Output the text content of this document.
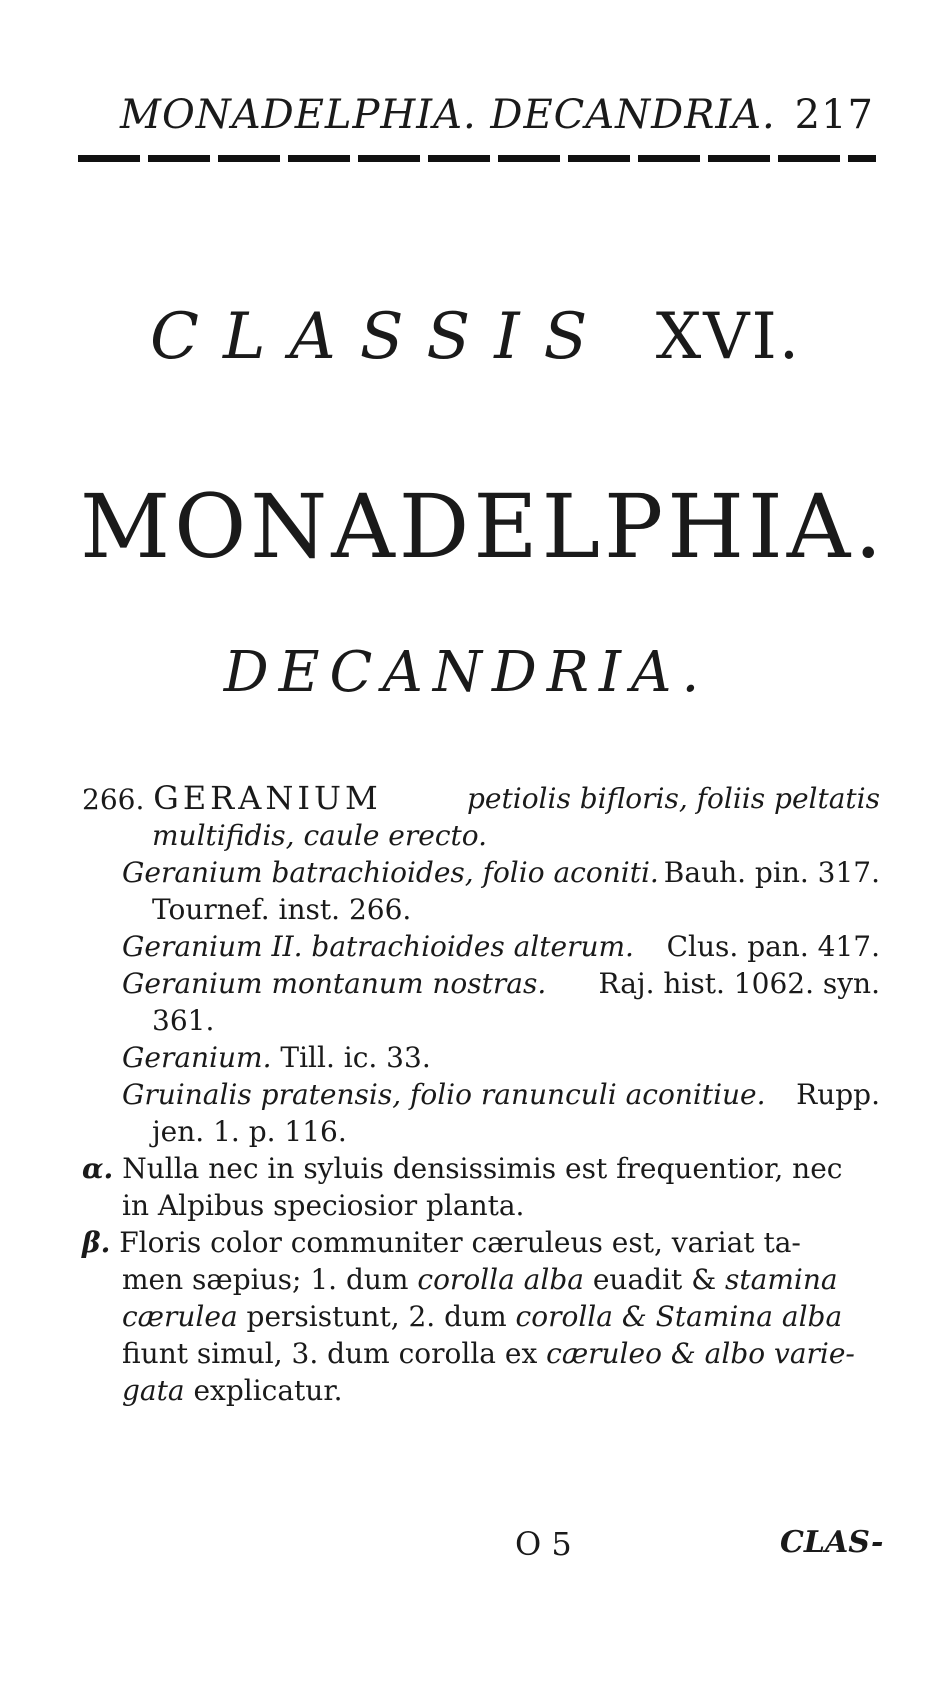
MONADELPHIA. DECANDRIA. 217
CLASSIS XVI.
MONADELPHIA.
DECANDRIA.
266. GERANIUM	petiolis bifloris, foliis peltatis
multifidis, caule erecto.
Geranium batrachioides, folio aconiti. Bauh. pin. 317.
Tournef. inst. 266.
Geranium II. batrachioides alterum. Clus. pan. 417.
Geranium montanum nostras. Raj. hist. 1062. syn.
361.
Geranium. Till. ic. 33.
Gruinalis pratensis, folio ranunculi aconitiue. Rupp.
jen. 1. p. 116.
α. Nulla nec in syluis densissimis est frequentior, nec
in Alpibus speciosior planta.
β. Floris color communiter cæruleus est, variat ta-
men sæpius; 1. dum corolla alba euadit & stamina
cærulea persistunt, 2. dum corolla & Stamina alba
fiunt simul, 3. dum corolla ex cæruleo & albo varie-
gata explicatur.
O 5	CLAS-
